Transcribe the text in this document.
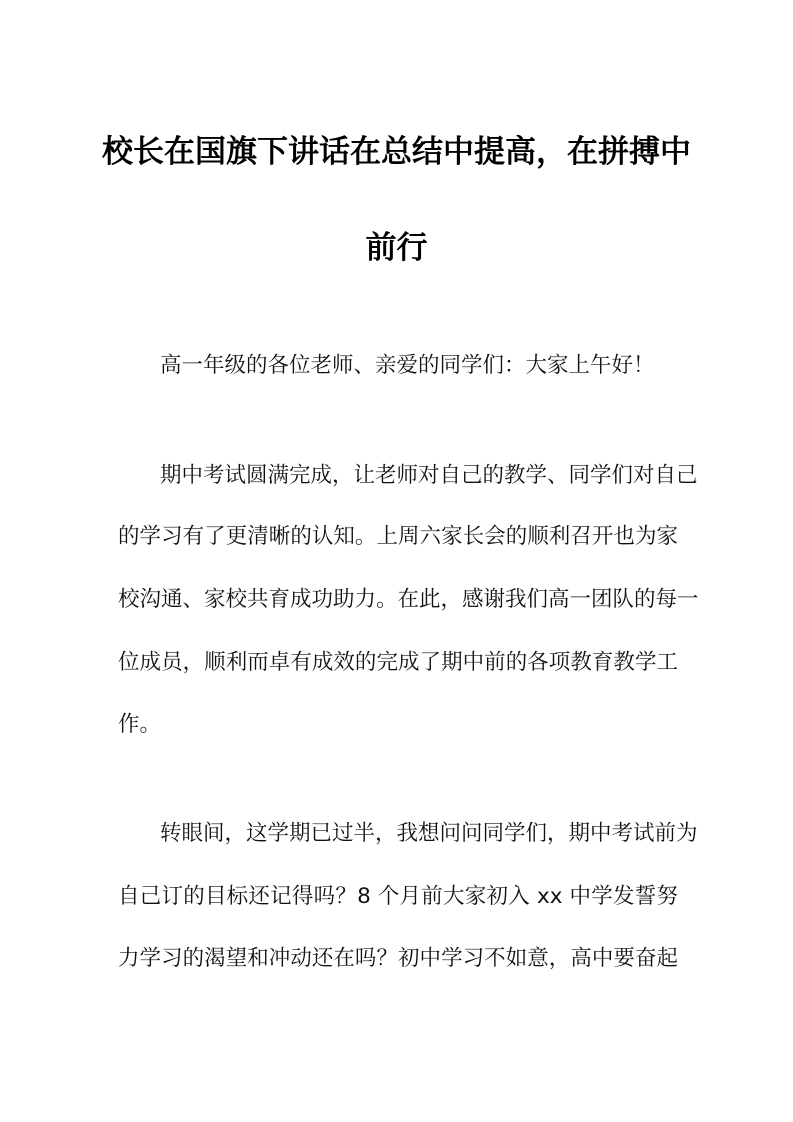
校长在国旗下讲话在总结中提高，在拼搏中
前行
高一年级的各位老师、亲爱的同学们：大家上午好！
期中考试圆满完成，让老师对自己的教学、同学们对自己
的学习有了更清晰的认知。上周六家长会的顺利召开也为家
校沟通、家校共育成功助力。在此，感谢我们高一团队的每一
位成员，顺利而卓有成效的完成了期中前的各项教育教学工
作。
转眼间，这学期已过半，我想问问同学们，期中考试前为
自己订的目标还记得吗？8 个月前大家初入 xx 中学发誓努
力学习的渴望和冲动还在吗？初中学习不如意，高中要奋起
